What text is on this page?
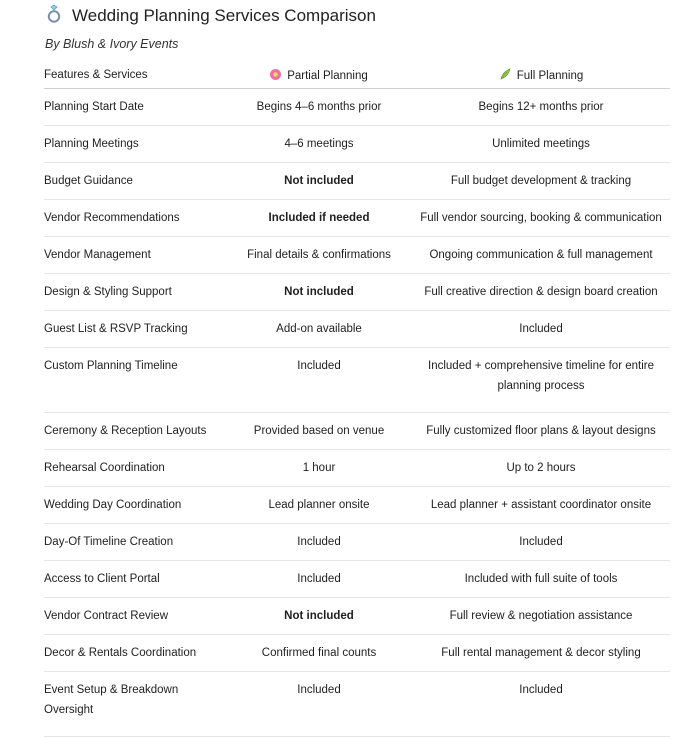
Wedding Planning Services Comparison
By Blush & Ivory Events
Features & Services	Partial Planning	Full Planning
Planning Start Date	Begins 4–6 months prior	Begins 12+ months prior
Planning Meetings	4–6 meetings	Unlimited meetings
Budget Guidance	Not included	Full budget development & tracking
Vendor Recommendations	Included if needed	Full vendor sourcing, booking & communication
Vendor Management	Final details & confirmations	Ongoing communication & full management
Design & Styling Support	Not included	Full creative direction & design board creation
Guest List & RSVP Tracking	Add-on available	Included
Custom Planning Timeline	Included	Included + comprehensive timeline for entire planning process
Ceremony & Reception Layouts	Provided based on venue	Fully customized floor plans & layout designs
Rehearsal Coordination	1 hour	Up to 2 hours
Wedding Day Coordination	Lead planner onsite	Lead planner + assistant coordinator onsite
Day-Of Timeline Creation	Included	Included
Access to Client Portal	Included	Included with full suite of tools
Vendor Contract Review	Not included	Full review & negotiation assistance
Decor & Rentals Coordination	Confirmed final counts	Full rental management & decor styling
Event Setup & Breakdown Oversight	Included	Included
